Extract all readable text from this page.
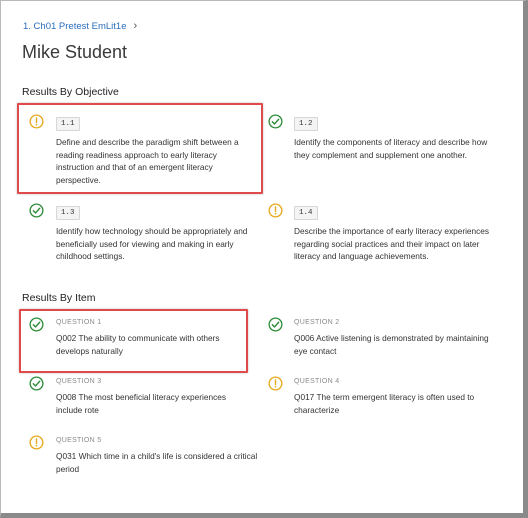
1. Ch01 Pretest EmLit1e ›
Mike Student
Results By Objective
1.1
Define and describe the paradigm shift between a reading readiness approach to early literacy instruction and that of an emergent literacy perspective.
1.2
Identify the components of literacy and describe how they complement and supplement one another.
1.3
Identify how technology should be appropriately and beneficially used for viewing and making in early childhood settings.
1.4
Describe the importance of early literacy experiences regarding social practices and their impact on later literacy and language achievements.
Results By Item
QUESTION 1
Q002 The ability to communicate with others develops naturally
QUESTION 2
Q006 Active listening is demonstrated by maintaining eye contact
QUESTION 3
Q008 The most beneficial literacy experiences include rote
QUESTION 4
Q017 The term emergent literacy is often used to characterize
QUESTION 5
Q031 Which time in a child's life is considered a critical period
